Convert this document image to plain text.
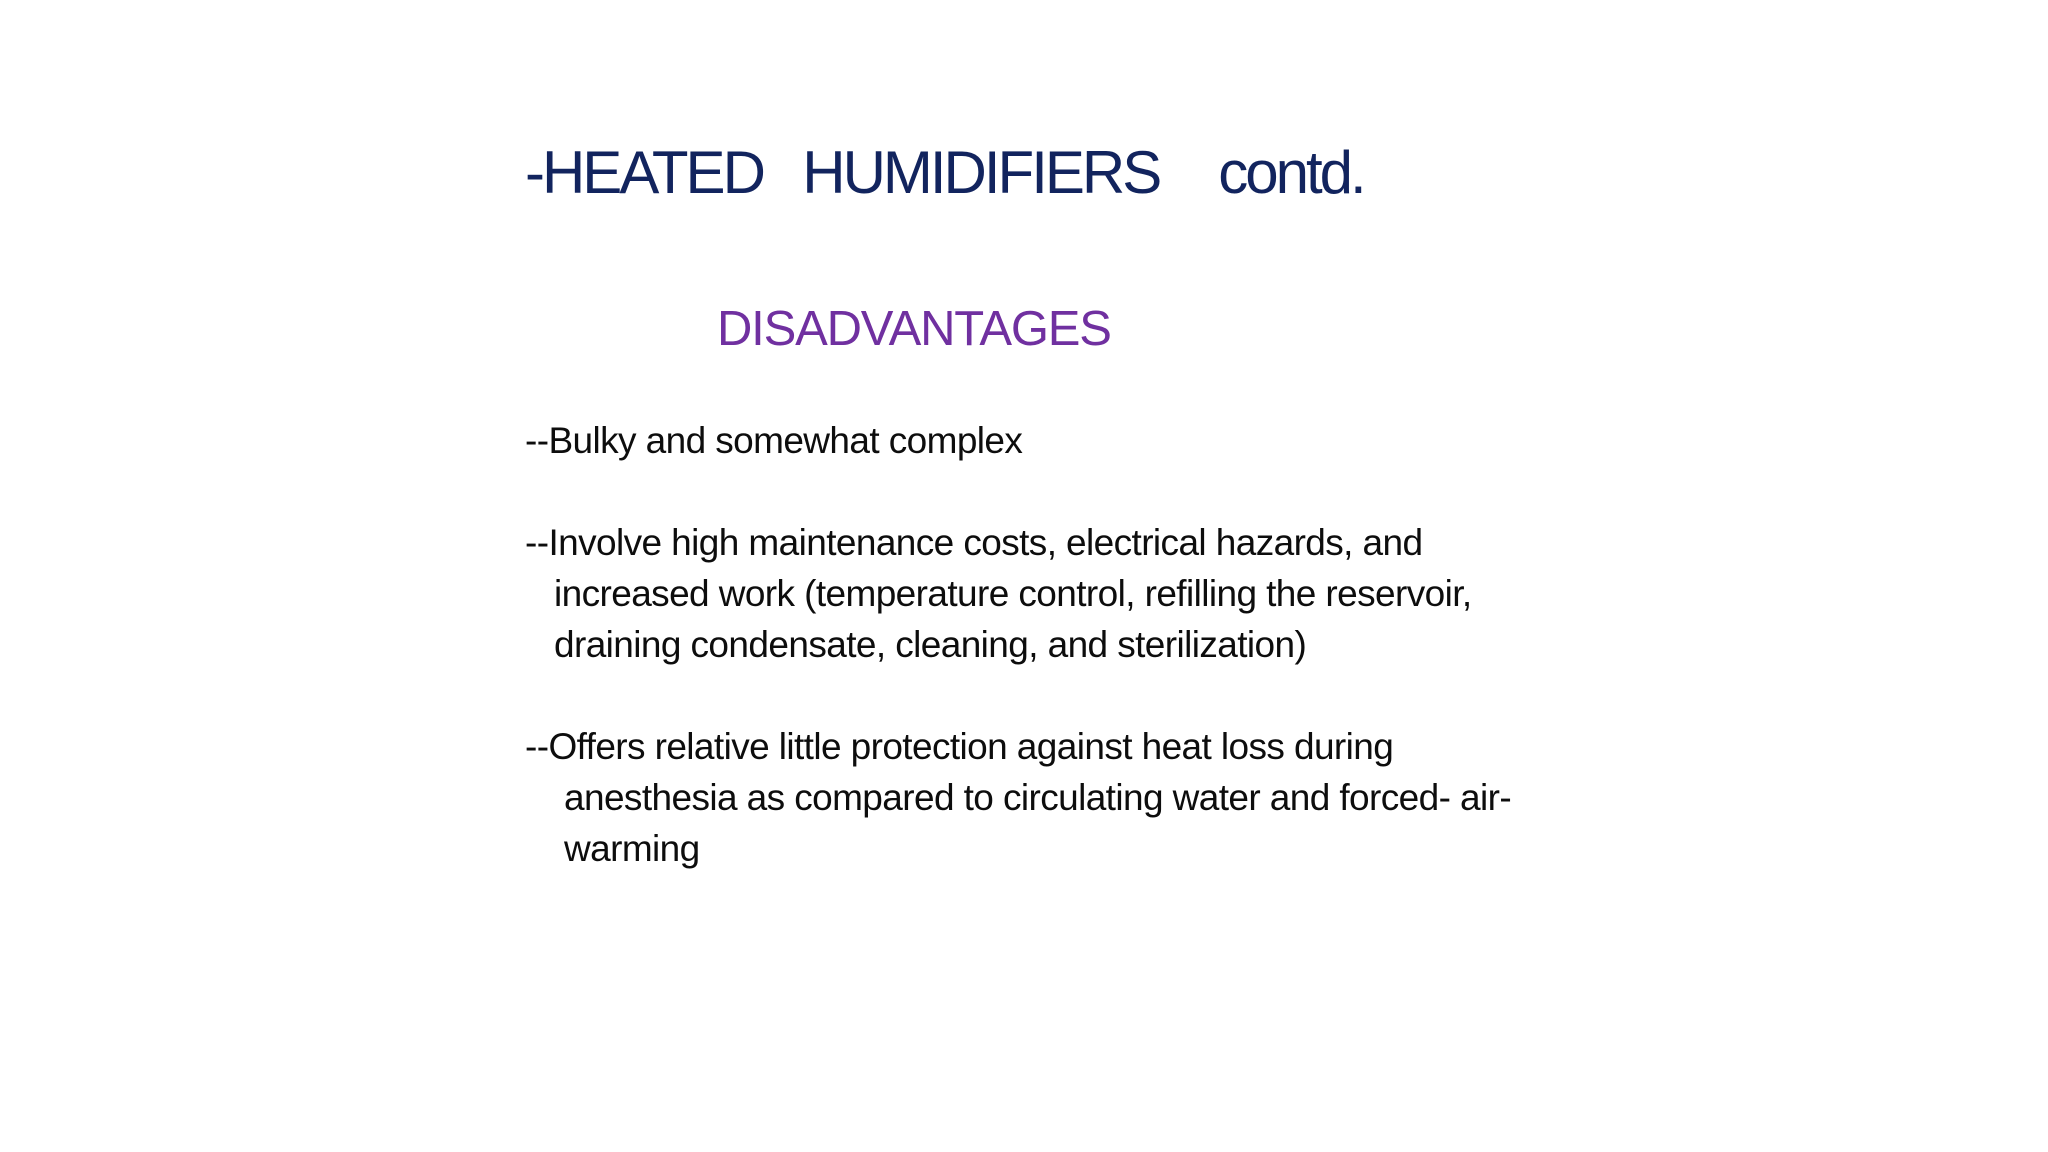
-HEATED  HUMIDIFIERS   contd.
DISADVANTAGES
--Bulky and somewhat complex
--Involve high maintenance costs, electrical hazards, and increased work (temperature control, refilling the reservoir, draining condensate, cleaning, and sterilization)
--Offers relative little protection against heat loss during anesthesia as compared to circulating water and forced- air-warming
